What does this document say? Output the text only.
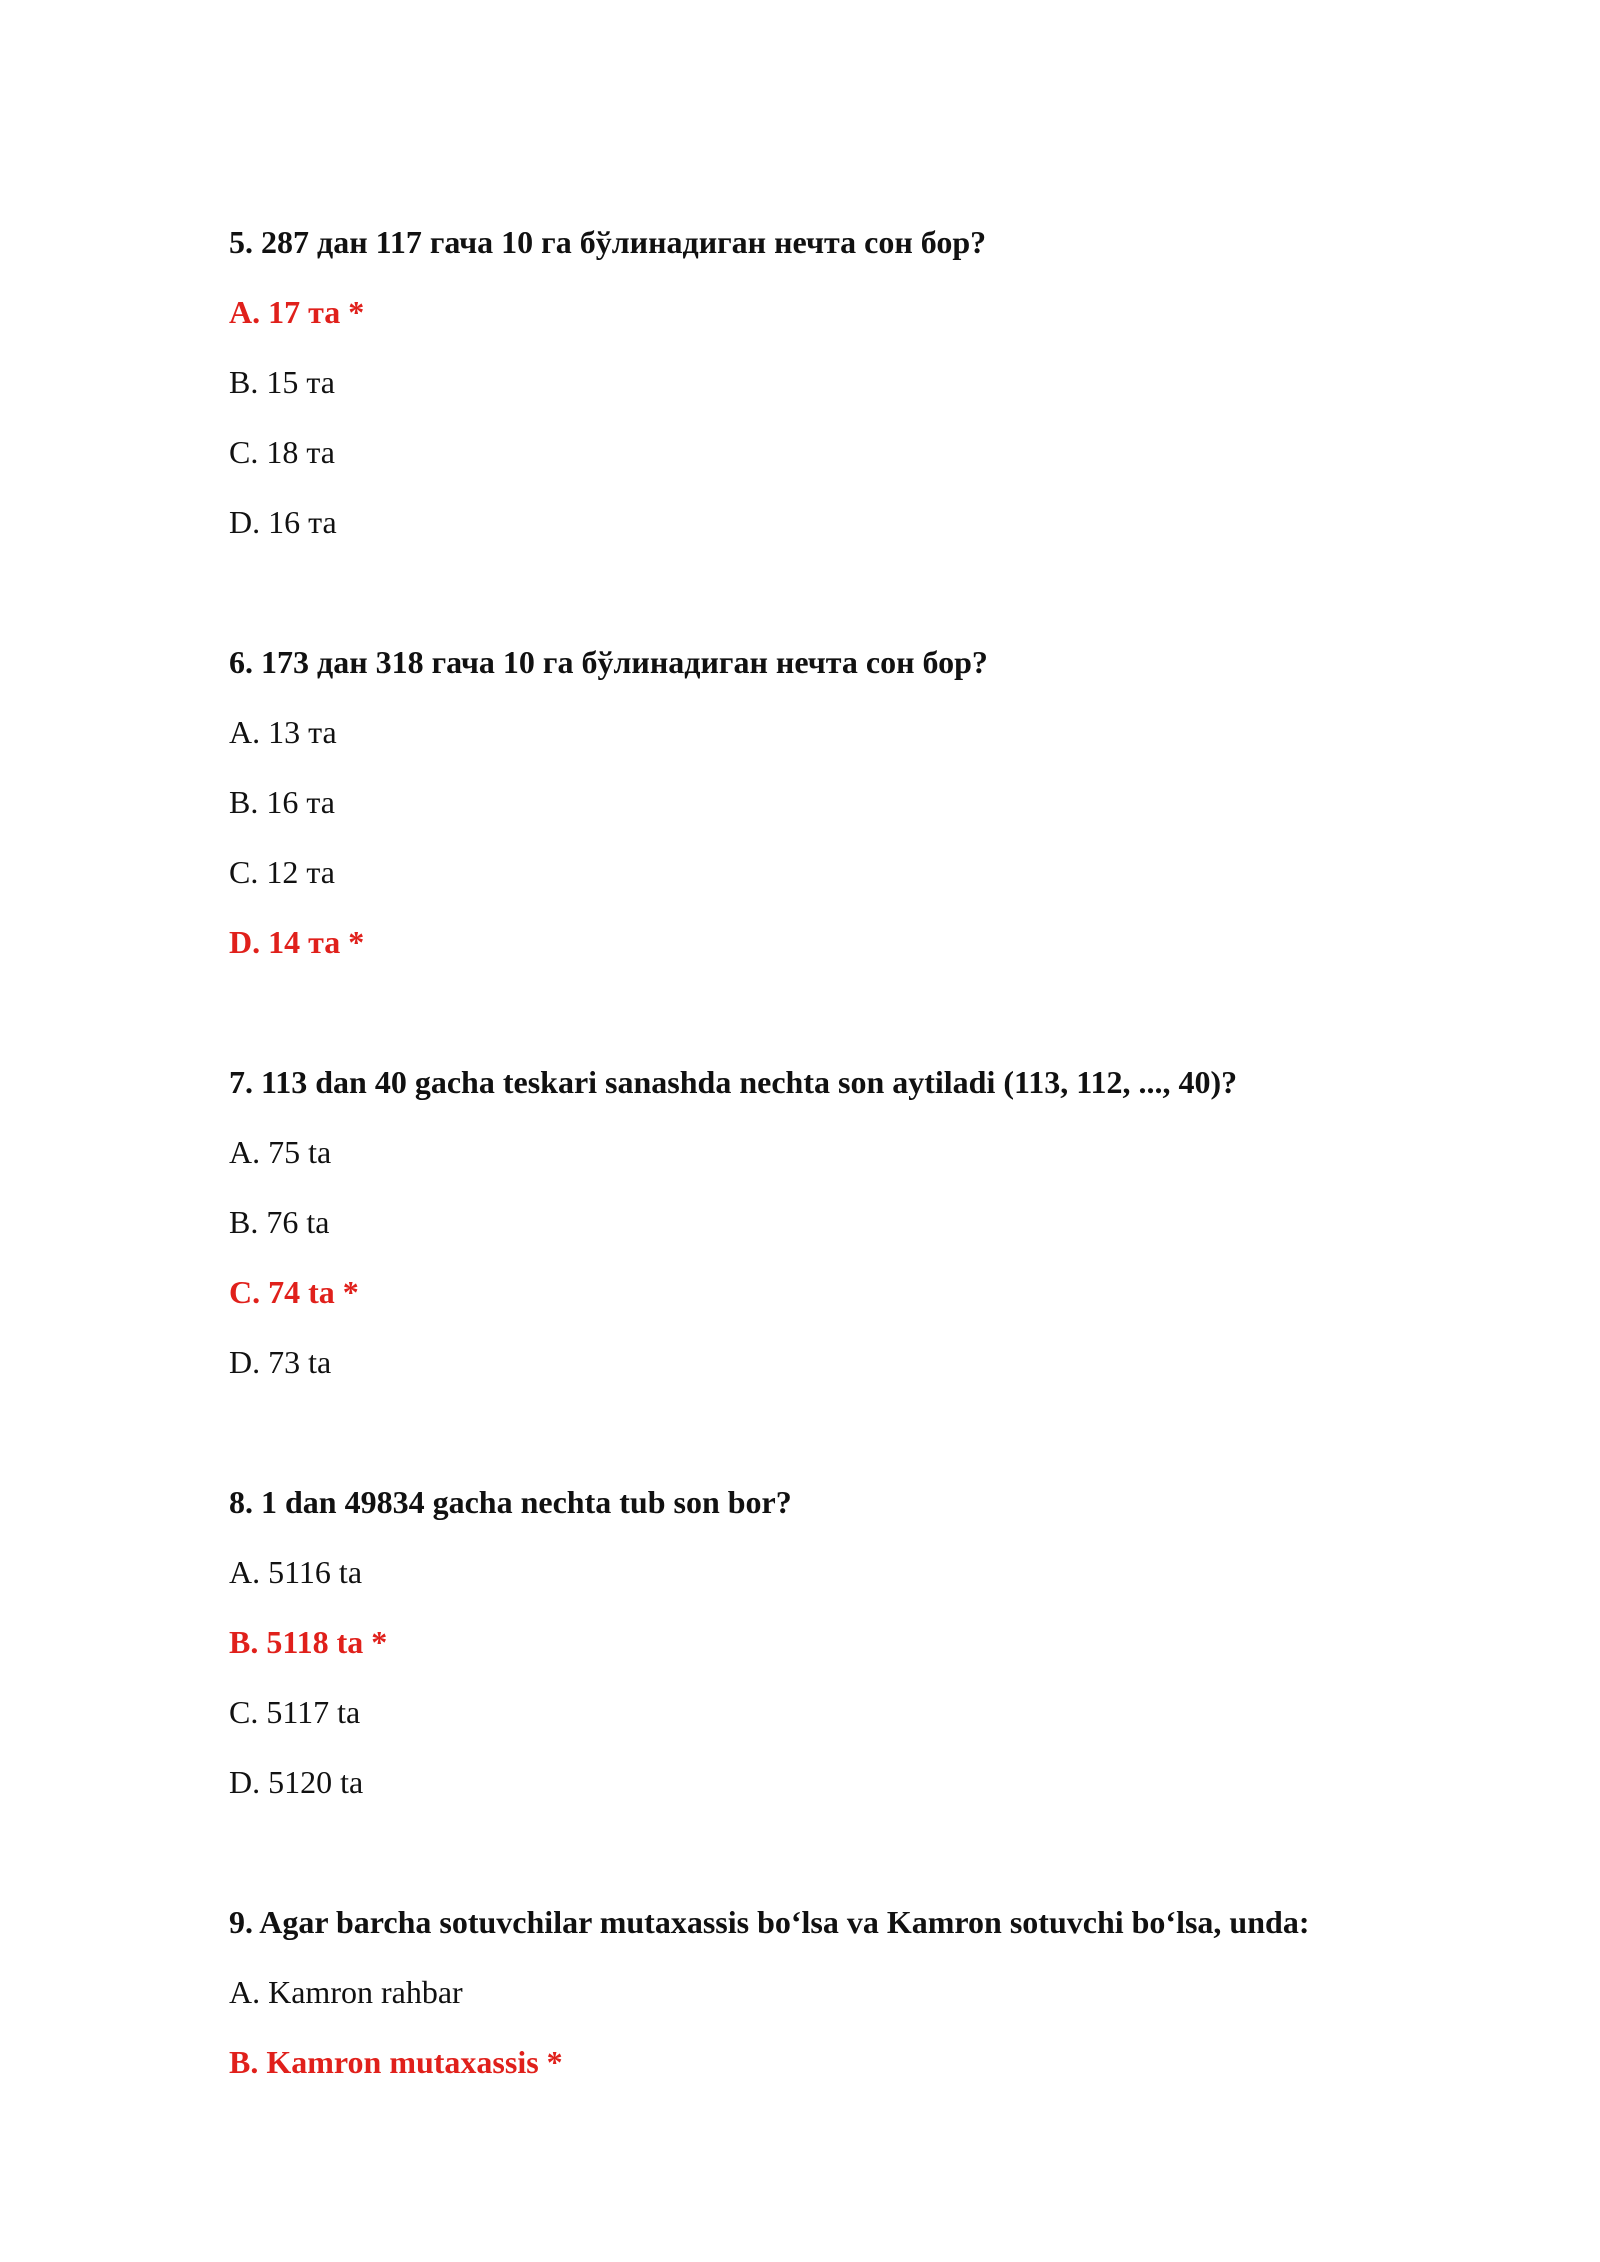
5. 287 дан 117 гача 10 га бўлинадиган нечта сон бор?
A. 17 та *
B. 15 та
C. 18 та
D. 16 та
6. 173 дан 318 гача 10 га бўлинадиган нечта сон бор?
A. 13 та
B. 16 та
C. 12 та
D. 14 та *
7. 113 dan 40 gacha teskari sanashda nechta son aytiladi (113, 112, ..., 40)?
A. 75 ta
B. 76 ta
C. 74 ta *
D. 73 ta
8. 1 dan 49834 gacha nechta tub son bor?
A. 5116 ta
B. 5118 ta *
C. 5117 ta
D. 5120 ta
9. Agar barcha sotuvchilar mutaxassis bo‘lsa va Kamron sotuvchi bo‘lsa, unda:
A. Kamron rahbar
B. Kamron mutaxassis *
